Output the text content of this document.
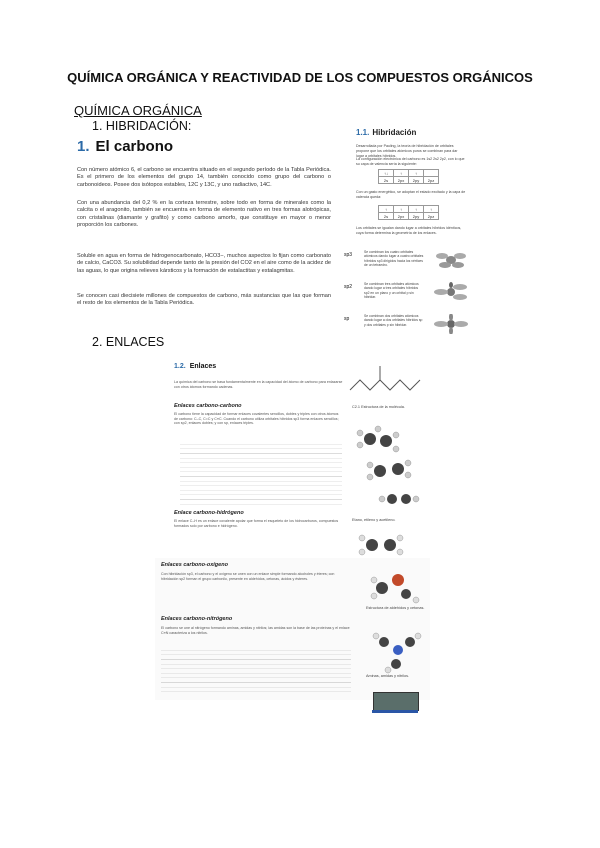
QUÍMICA ORGÁNICA Y REACTIVIDAD DE LOS COMPUESTOS ORGÁNICOS
QUÍMICA ORGÁNICA
1. HIBRIDACIÓN:
1. El carbono
Con número atómico 6, el carbono se encuentra situado en el segundo período de la Tabla Periódica. Es el primero de los elementos del grupo 14, también conocido como grupo del carbono o carbonoideos. Posee dos isótopos estables, 12C y 13C, y uno radiactivo, 14C.
Con una abundancia del 0,2 % en la corteza terrestre, sobre todo en forma de minerales como la calcita o el aragonito, también se encuentra en forma de elemento nativo en tres formas alotrópicas, con cristalinas (diamante y grafito) y como carbono amorfo, que constituye en mayor o menor proporción los carbones.
Soluble en agua en forma de hidrogenocarbonato, HCO3−, muchos aspectos lo fijan como carbonato de calcio, CaCO3. Su solubilidad depende tanto de la presión del CO2 en el aire como de la acidez de las aguas, lo que origina relieves kársticos y la formación de estalactitas y estalagmitas.
Se conocen casi diecisiete millones de compuestos de carbono, más sustancias que las que forman el resto de los elementos de la Tabla Periódica.
1.1. Hibridación
Desarrollada por Pauling, la teoría de hibridación de orbitales propone que los orbitales atómicos puros se combinan para dar lugar a orbitales híbridos.
La configuración electrónica del carbono es 1s2 2s2 2p2, con lo que su capa de valencia sería la siguiente:
↑↓	↑	↑	
2s	2px	2py	2pz
Con un gasto energético, se adoptan el estado excitado y la capa de valencia queda:
↑	↑	↑	↑
2s	2px	2py	2pz
Los orbitales se igualan dando lugar a orbitales híbridos idénticos, cuya forma determina la geometría de los enlaces.
sp3	Se combinan los cuatro orbitales atómicos dando lugar a cuatro orbitales híbridos sp3 dirigidos hacia los vértices de un tetraedro.
sp2	Se combinan tres orbitales atómicos dando lugar a tres orbitales híbridos sp2 en un plano y un orbital p sin hibridar.
sp	Se combinan dos orbitales atómicos dando lugar a dos orbitales híbridos sp y dos orbitales p sin hibridar.
2. ENLACES
1.2. Enlaces
La química del carbono se basa fundamentalmente en la capacidad del átomo de carbono para enlazarse con otros átomos formando cadenas.
Enlaces carbono-carbono
El carbono tiene la capacidad de formar enlaces covalentes sencillos, dobles y triples con otros átomos de carbono: C–C, C=C y C≡C. Cuando el carbono utiliza orbitales híbridos sp3 forma enlaces sencillos; con sp2, enlaces dobles; y con sp, enlaces triples.
C2.1 Estructura de la molécula.
Etano, etileno y acetileno.
Enlace carbono-hidrógeno
El enlace C–H es un enlace covalente apolar que forma el esqueleto de los hidrocarburos, compuestos formados solo por carbono e hidrógeno.
Enlaces carbono-oxígeno
Con hibridación sp3, el carbono y el oxígeno se unen con un enlace simple formando alcoholes y éteres; con hibridación sp2 forman el grupo carbonilo, presente en aldehídos, cetonas, ácidos y ésteres.
Enlaces carbono-nitrógeno
El carbono se une al nitrógeno formando aminas, amidas y nitrilos; las amidas son la base de las proteínas y el enlace C≡N caracteriza a los nitrilos.
Estructura de aldehídos y cetonas.
Aminas, amidas y nitrilos.
